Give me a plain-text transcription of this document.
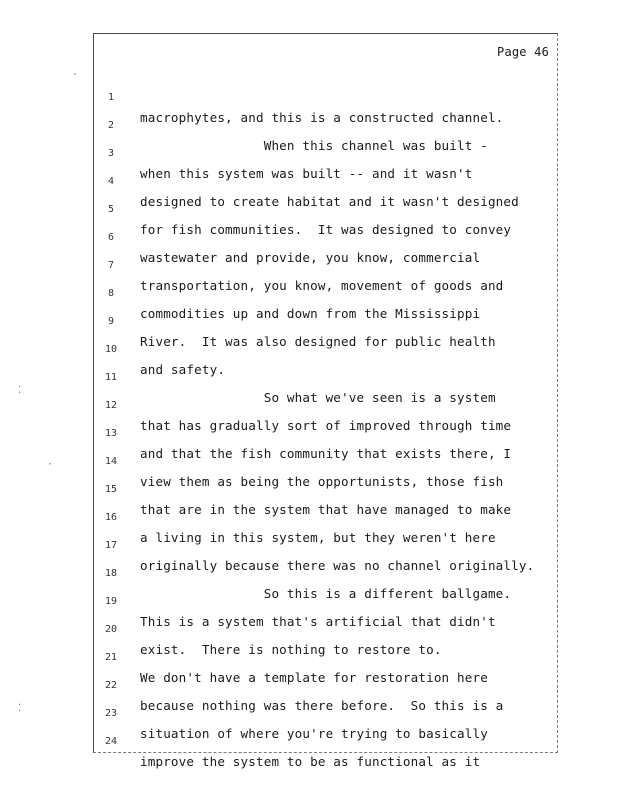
Page 46

1

macrophytes, and this is a constructed channel.

2

When this channel was built -

3

when this system was built -- and it wasn't

4

designed to create habitat and it wasn't designed

5

for fish communities.  It was designed to convey

6

wastewater and provide, you know, commercial

7

transportation, you know, movement of goods and

8

commodities up and down from the Mississippi

9

River.  It was also designed for public health

10

and safety.

11

So what we've seen is a system

12

that has gradually sort of improved through time

13

and that the fish community that exists there, I

14

view them as being the opportunists, those fish

15

that are in the system that have managed to make

16

a living in this system, but they weren't here

17

originally because there was no channel originally.

18

So this is a different ballgame.

19

This is a system that's artificial that didn't

20

exist.  There is nothing to restore to.

21

We don't have a template for restoration here

22

because nothing was there before.  So this is a

23

situation of where you're trying to basically

24

improve the system to be as functional as it

·
⁚
·
⁚
